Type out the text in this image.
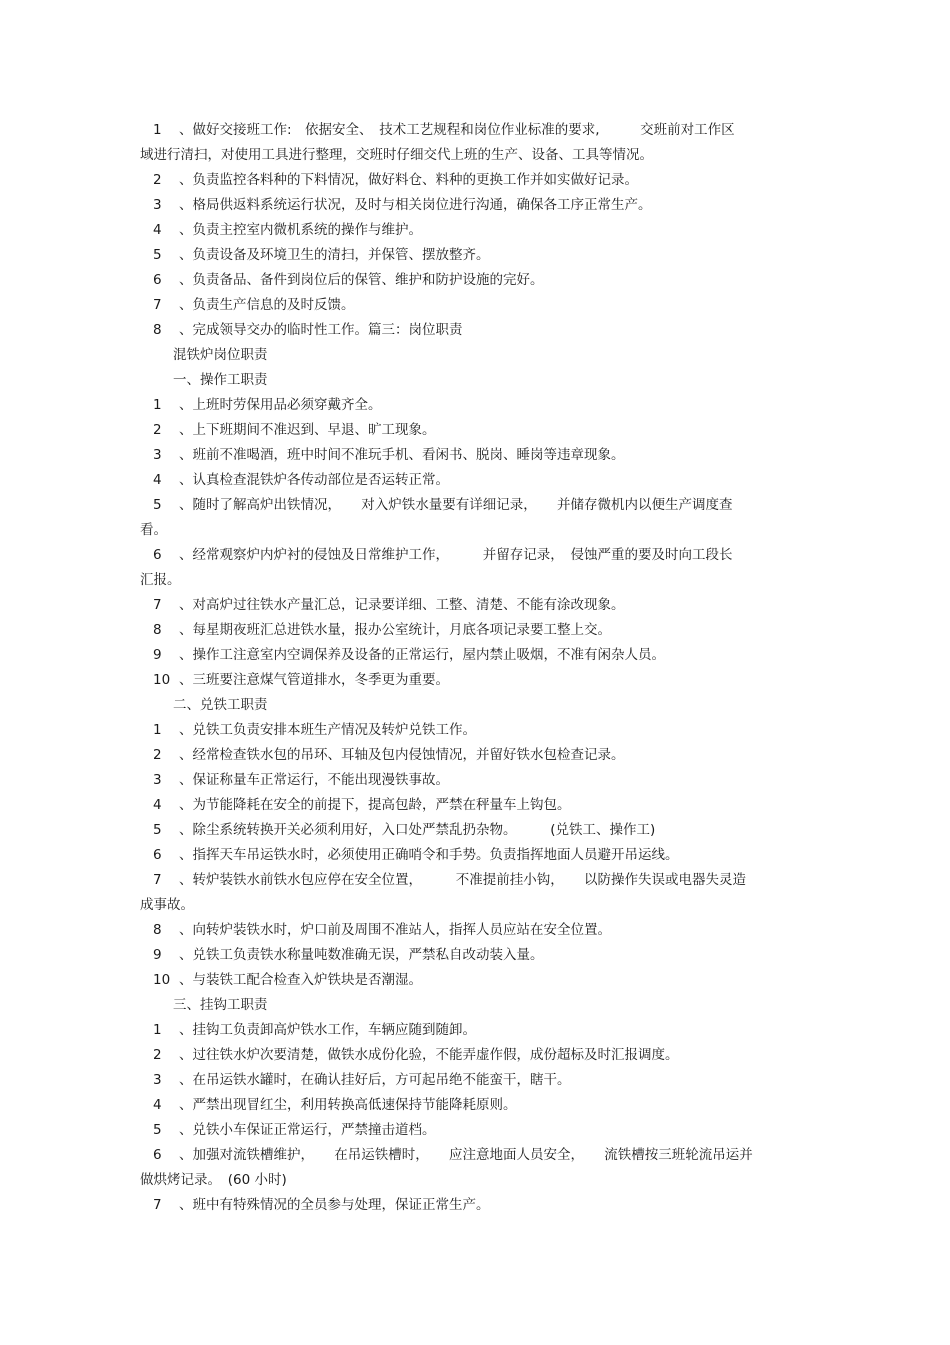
1 、做好交接班工作:　依据安全、　技术工艺规程和岗位作业标准的要求,　　　交班前对工作区
域进行清扫，对使用工具进行整理，交班时仔细交代上班的生产、设备、工具等情况。
2 、负责监控各料种的下料情况，做好料仓、料种的更换工作并如实做好记录。
3 、格局供返料系统运行状况，及时与相关岗位进行沟通，确保各工序正常生产。
4 、负责主控室内微机系统的操作与维护。
5 、负责设备及环境卫生的清扫，并保管、摆放整齐。
6 、负责备品、备件到岗位后的保管、维护和防护设施的完好。
7 、负责生产信息的及时反馈。
8 、完成领导交办的临时性工作。篇三：岗位职责
混铁炉岗位职责
一、操作工职责
1 、上班时劳保用品必须穿戴齐全。
2 、上下班期间不准迟到、早退、旷工现象。
3 、班前不准喝酒，班中时间不准玩手机、看闲书、脱岗、睡岗等违章现象。
4 、认真检查混铁炉各传动部位是否运转正常。
5 、随时了解高炉出铁情况，　　对入炉铁水量要有详细记录，　　并储存微机内以便生产调度查
看。
6 、经常观察炉内炉衬的侵蚀及日常维护工作，　　　并留存记录，　侵蚀严重的要及时向工段长
汇报。
7 、对高炉过往铁水产量汇总，记录要详细、工整、清楚、不能有涂改现象。
8 、每星期夜班汇总进铁水量，报办公室统计，月底各项记录要工整上交。
9 、操作工注意室内空调保养及设备的正常运行，屋内禁止吸烟，不准有闲杂人员。
10 、三班要注意煤气管道排水，冬季更为重要。
二、兑铁工职责
1 、兑铁工负责安排本班生产情况及转炉兑铁工作。
2 、经常检查铁水包的吊环、耳轴及包内侵蚀情况，并留好铁水包检查记录。
3 、保证称量车正常运行，不能出现漫铁事故。
4 、为节能降耗在安全的前提下，提高包龄，严禁在秤量车上钩包。
5 、除尘系统转换开关必须利用好，入口处严禁乱扔杂物。　　　(兑铁工、操作工)
6 、指挥天车吊运铁水时，必须使用正确哨令和手势。负责指挥地面人员避开吊运线。
7 、转炉装铁水前铁水包应停在安全位置，　　　不准提前挂小钩，　　以防操作失误或电器失灵造
成事故。
8 、向转炉装铁水时，炉口前及周围不准站人，指挥人员应站在安全位置。
9 、兑铁工负责铁水称量吨数准确无误，严禁私自改动装入量。
10 、与装铁工配合检查入炉铁块是否潮湿。
三、挂钩工职责
1 、挂钩工负责卸高炉铁水工作，车辆应随到随卸。
2 、过往铁水炉次要清楚，做铁水成份化验，不能弄虚作假，成份超标及时汇报调度。
3 、在吊运铁水罐时，在确认挂好后，方可起吊绝不能蛮干，瞎干。
4 、严禁出现冒红尘，利用转换高低速保持节能降耗原则。
5 、兑铁小车保证正常运行，严禁撞击道档。
6 、加强对流铁槽维护，　　在吊运铁槽时，　　应注意地面人员安全，　　流铁槽按三班轮流吊运并
做烘烤记录。　(60 小时)
7 、班中有特殊情况的全员参与处理，保证正常生产。
